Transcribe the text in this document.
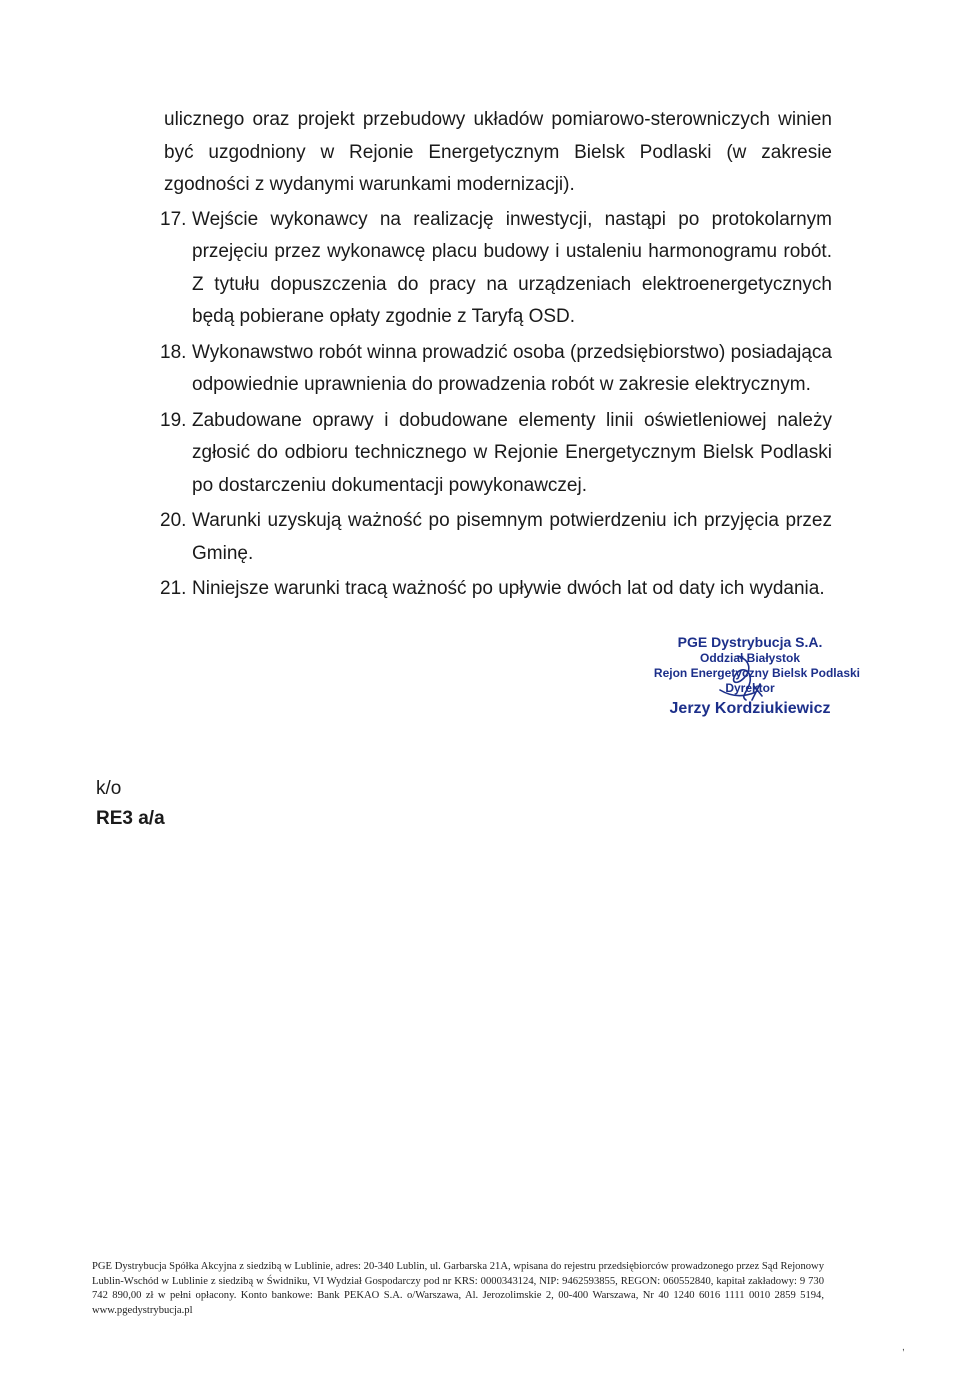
ulicznego oraz projekt przebudowy układów pomiarowo-sterowniczych winien być uzgodniony w Rejonie Energetycznym Bielsk Podlaski (w zakresie zgodności z wydanymi warunkami modernizacji).

17. Wejście wykonawcy na realizację inwestycji, nastąpi po protokolarnym przejęciu przez wykonawcę placu budowy i ustaleniu harmonogramu robót. Z tytułu dopuszczenia do pracy na urządzeniach elektroenergetycznych będą pobierane opłaty zgodnie z Taryfą OSD.
18. Wykonawstwo robót winna prowadzić osoba (przedsiębiorstwo) posiadająca odpowiednie uprawnienia do prowadzenia robót w zakresie elektrycznym.
19. Zabudowane oprawy i dobudowane elementy linii oświetleniowej należy zgłosić do odbioru technicznego w Rejonie Energetycznym Bielsk Podlaski po dostarczeniu dokumentacji powykonawczej.
20. Warunki uzyskują ważność po pisemnym potwierdzeniu ich przyjęcia przez Gminę.
21. Niniejsze warunki tracą ważność po upływie dwóch lat od daty ich wydania.
PGE Dystrybucja S.A.
Oddział Białystok
Rejon Energetyczny Bielsk Podlaski
Dyrektor
Jerzy Kordziukiewicz
k/o
RE3 a/a
PGE Dystrybucja Spółka Akcyjna z siedzibą w Lublinie, adres: 20-340 Lublin, ul. Garbarska 21A, wpisana do rejestru przedsiębiorców prowadzonego przez Sąd Rejonowy Lublin-Wschód w Lublinie z siedzibą w Świdniku, VI Wydział Gospodarczy pod nr KRS: 0000343124, NIP: 9462593855, REGON: 060552840, kapitał zakładowy: 9 730 742 890,00 zł w pełni opłacony. Konto bankowe: Bank PEKAO S.A. o/Warszawa, Al. Jerozolimskie 2, 00-400 Warszawa, Nr 40 1240 6016 1111 0010 2859 5194, www.pgedystrybucja.pl
,
